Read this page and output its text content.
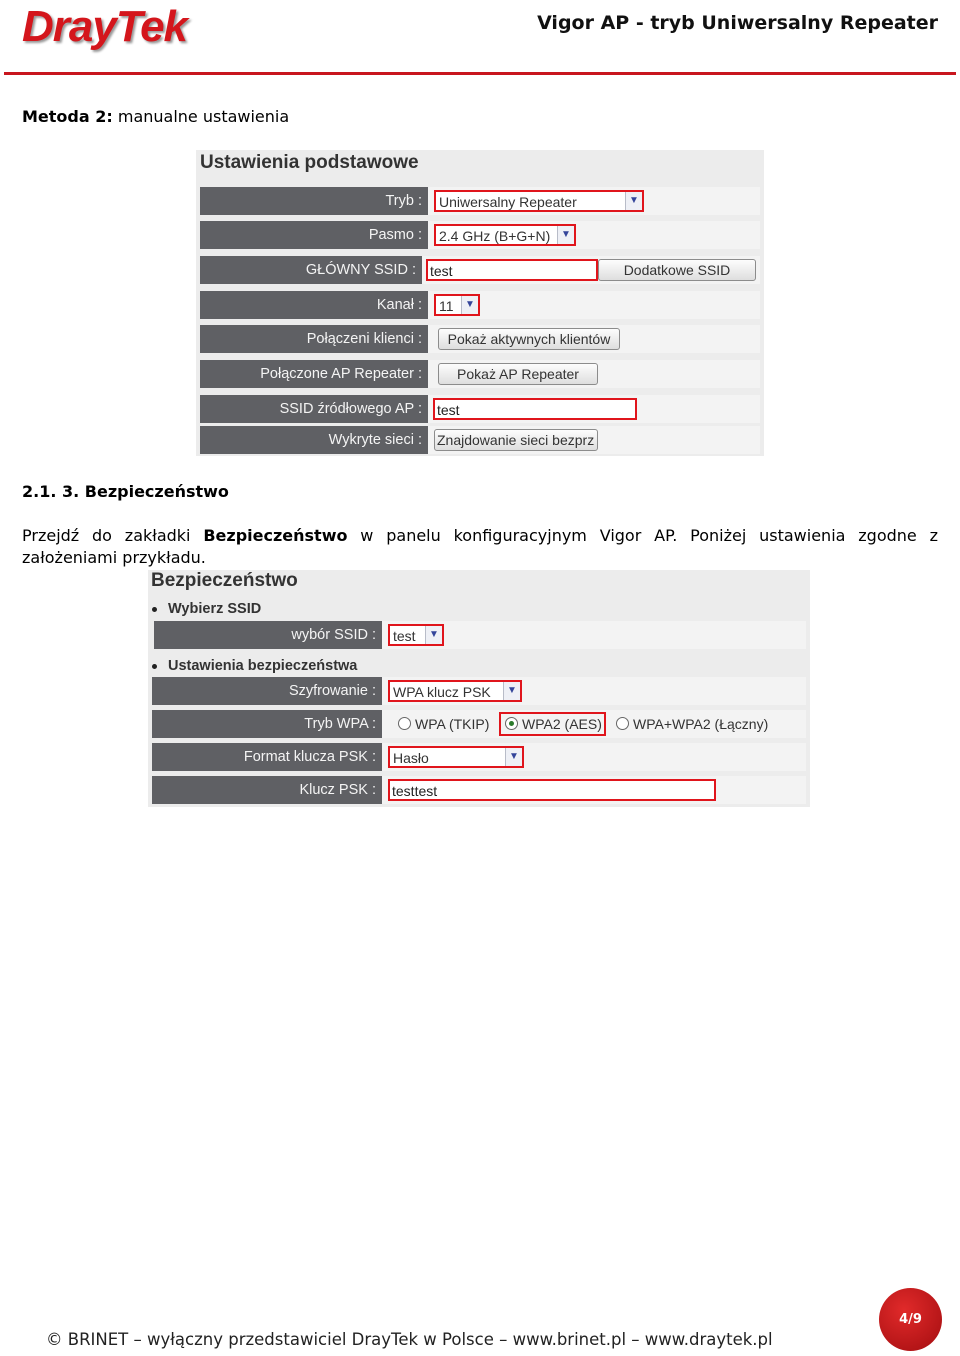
DrayTek	Vigor AP - tryb Uniwersalny Repeater
Metoda 2: manualne ustawienia
Ustawienia podstawowe
Tryb :	Uniwersalny Repeater	▼
Pasmo :	2.4 GHz (B+G+N)	▼
GŁÓWNY SSID :	test	Dodatkowe SSID
Kanał :	11	▼
Połączeni klienci :	Pokaż aktywnych klientów
Połączone AP Repeater :	Pokaż AP Repeater
SSID źródłowego AP :	test
Wykryte sieci :	Znajdowanie sieci bezprz
2.1. 3. Bezpieczeństwo
Przejdź do zakładki Bezpieczeństwo w panelu konfiguracyjnym Vigor AP. Poniżej ustawienia zgodne z założeniami przykładu.
Bezpieczeństwo
Wybierz SSID
wybór SSID :	test	▼
Ustawienia bezpieczeństwa
Szyfrowanie :	WPA klucz PSK	▼
Tryb WPA :	WPA (TKIP)	WPA2 (AES)	WPA+WPA2 (Łączny)
Format klucza PSK :	Hasło	▼
Klucz PSK :	testtest
© BRINET – wyłączny przedstawiciel DrayTek w Polsce – www.brinet.pl – www.draytek.pl
4/9
